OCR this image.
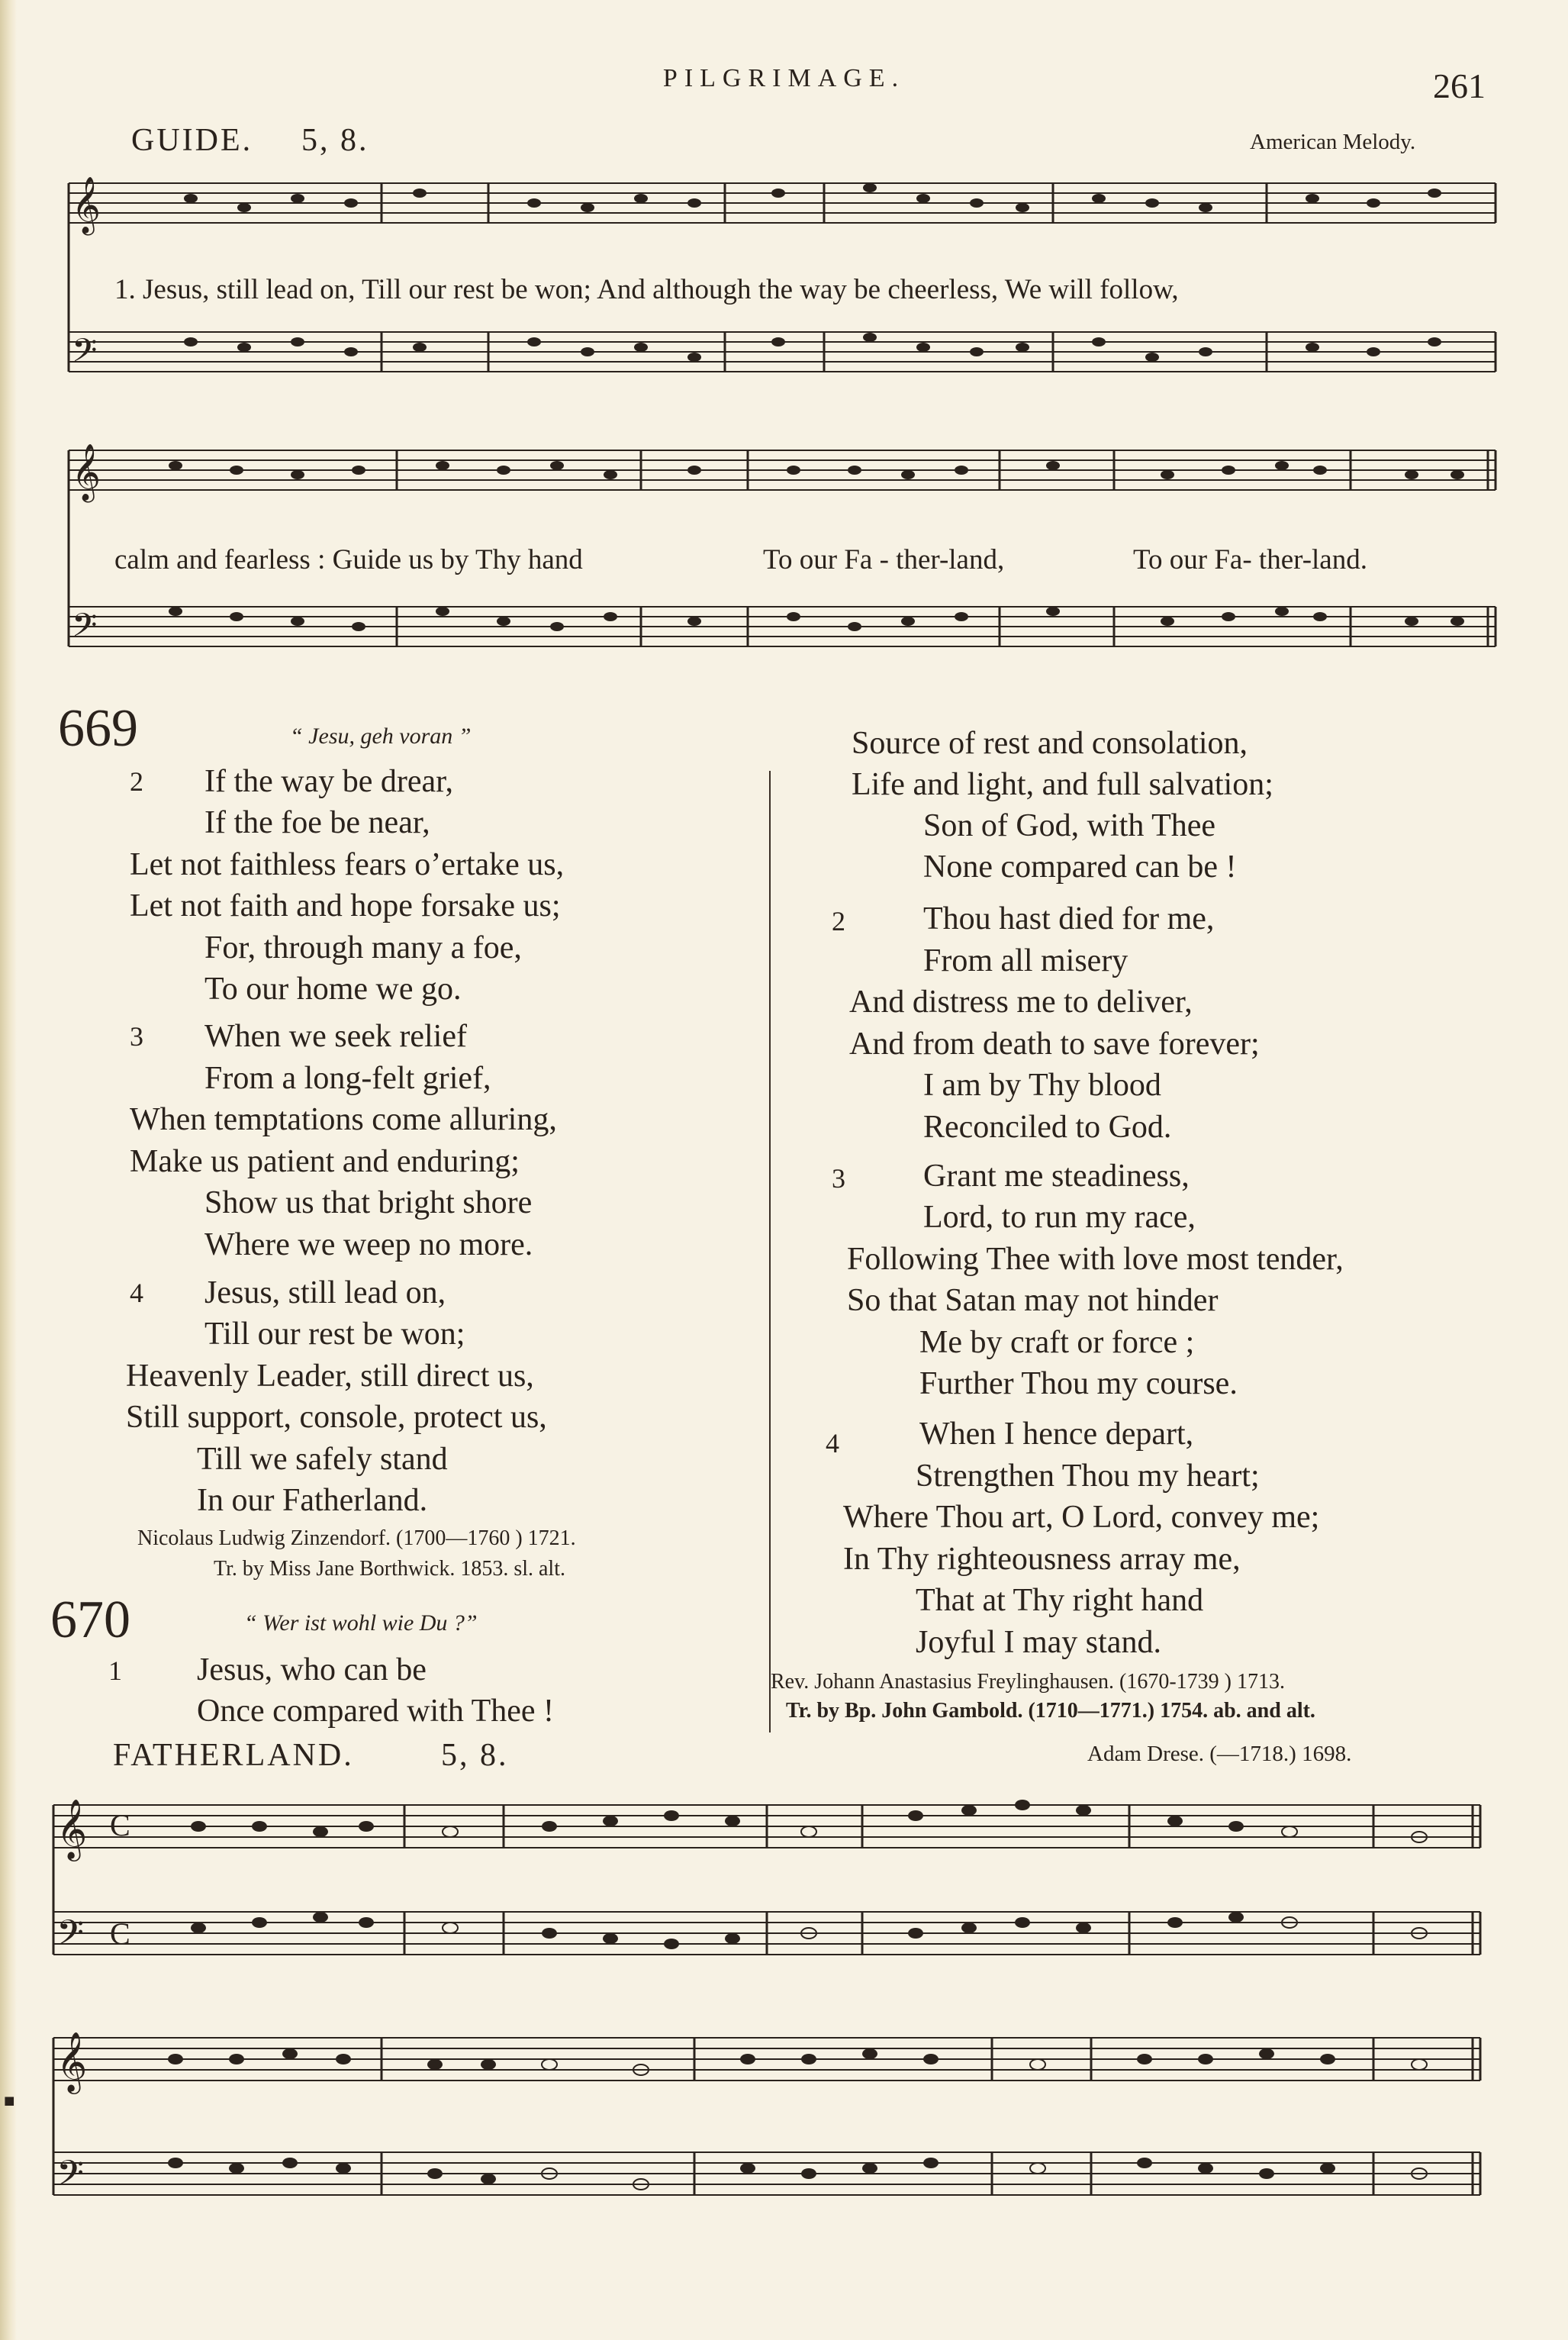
⬝
PILGRIMAGE.	261
GUIDE. 5, 8.	American Melody.
𝄞
𝄢
1. Jesus, still lead on, Till our rest be won; And although the way be cheerless, We will follow,
𝄞
𝄢
calm and fearless : Guide us by Thy hand	To our Fa - ther-land,	To our Fa- ther-land.
669	“ Jesu, geh voran ”
2 If the way be drear,
If the foe be near,
Let not faithless fears o’ertake us,
Let not faith and hope forsake us;
For, through many a foe,
To our home we go.
3 When we seek relief
From a long-felt grief,
When temptations come alluring,
Make us patient and enduring;
Show us that bright shore
Where we weep no more.
4 Jesus, still lead on,
Till our rest be won;
Heavenly Leader, still direct us,
Still support, console, protect us,
Till we safely stand
In our Fatherland.
Nicolaus Ludwig Zinzendorf. (1700—1760 ) 1721.
Tr. by Miss Jane Borthwick. 1853. sl. alt.
670	“ Wer ist wohl wie Du ?”
1 Jesus, who can be
Once compared with Thee !
Source of rest and consolation,
Life and light, and full salvation;
Son of God, with Thee
None compared can be !
2 Thou hast died for me,
From all misery
And distress me to deliver,
And from death to save forever;
I am by Thy blood
Reconciled to God.
3 Grant me steadiness,
Lord, to run my race,
Following Thee with love most tender,
So that Satan may not hinder
Me by craft or force ;
Further Thou my course.
4	When I hence depart,
Strengthen Thou my heart;
Where Thou art, O Lord, convey me;
In Thy righteousness array me,
That at Thy right hand
Joyful I may stand.
Rev. Johann Anastasius Freylinghausen. (1670-1739 ) 1713.
Tr. by Bp. John Gambold. (1710—1771.) 1754. ab. and alt.
FATHERLAND.	5, 8.	Adam Drese. (—1718.) 1698.
𝄞
𝄢
C
C
𝄞
𝄢
